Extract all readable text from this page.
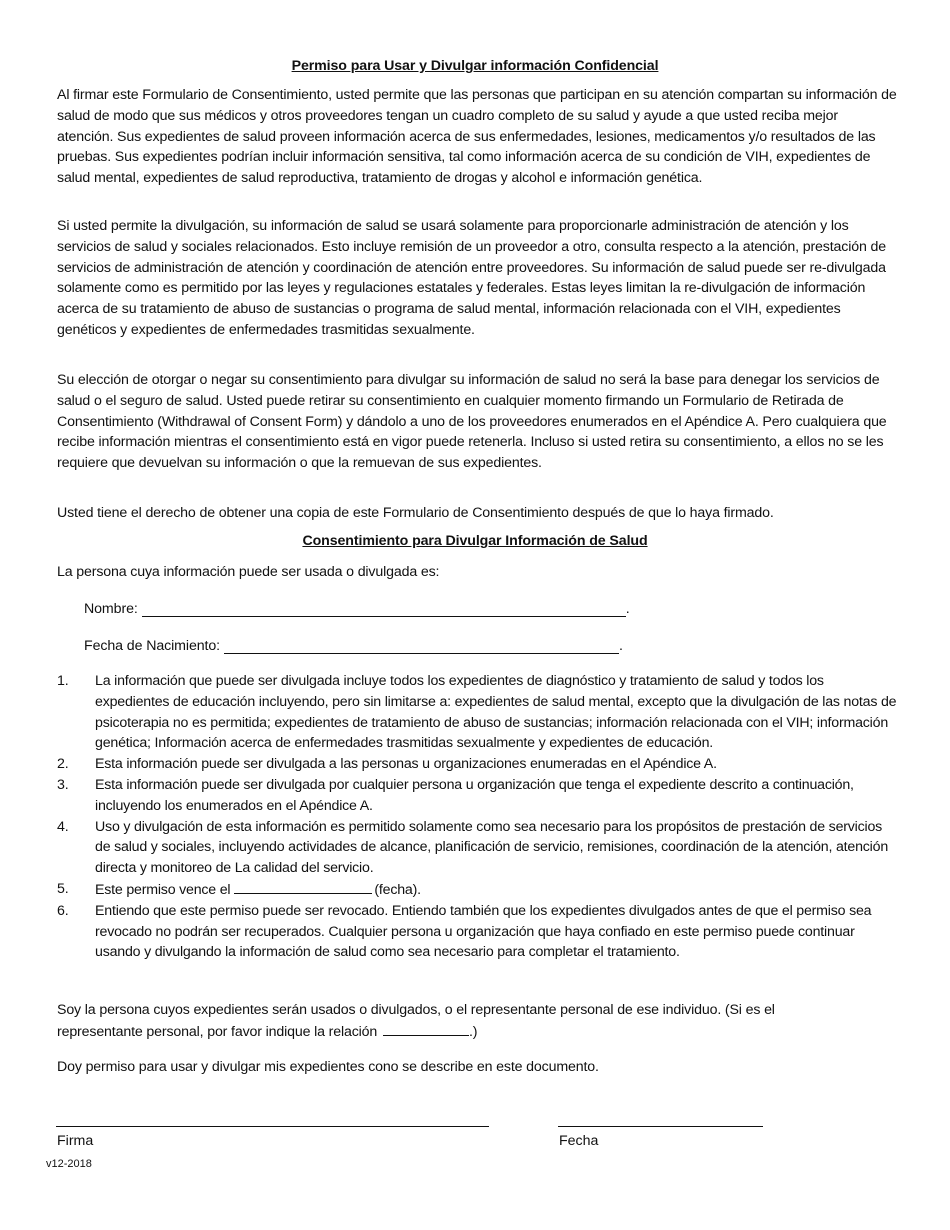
Permiso para Usar y Divulgar información Confidencial

Al firmar este Formulario de Consentimiento, usted permite que las personas que participan en su atención compartan su información de salud de modo que sus médicos y otros proveedores tengan un cuadro completo de su salud y ayude a que usted reciba mejor atención. Sus expedientes de salud proveen información acerca de sus enfermedades, lesiones, medicamentos y/o resultados de las pruebas. Sus expedientes podrían incluir información sensitiva, tal como información acerca de su condición de VIH, expedientes de salud mental, expedientes de salud reproductiva, tratamiento de drogas y alcohol e información genética.

Si usted permite la divulgación, su información de salud se usará solamente para proporcionarle administración de atención y los servicios de salud y sociales relacionados. Esto incluye remisión de un proveedor a otro, consulta respecto a la atención, prestación de servicios de administración de atención y coordinación de atención entre proveedores. Su información de salud puede ser re-divulgada solamente como es permitido por las leyes y regulaciones estatales y federales. Estas leyes limitan la re-divulgación de información acerca de su tratamiento de abuso de sustancias o programa de salud mental, información relacionada con el VIH, expedientes genéticos y expedientes de enfermedades trasmitidas sexualmente.

Su elección de otorgar o negar su consentimiento para divulgar su información de salud no será la base para denegar los servicios de salud o el seguro de salud. Usted puede retirar su consentimiento en cualquier momento firmando un Formulario de Retirada de Consentimiento (Withdrawal of Consent Form) y dándolo a uno de los proveedores enumerados en el Apéndice A. Pero cualquiera que recibe información mientras el consentimiento está en vigor puede retenerla. Incluso si usted retira su consentimiento, a ellos no se les requiere que devuelvan su información o que la remuevan de sus expedientes.

Usted tiene el derecho de obtener una copia de este Formulario de Consentimiento después de que lo haya firmado.

Consentimiento para Divulgar Información de Salud

La persona cuya información puede ser usada o divulgada es:

Nombre:	.
Fecha de Nacimiento:	.
1.	La información que puede ser divulgada incluye todos los expedientes de diagnóstico y tratamiento de salud y todos los expedientes de educación incluyendo, pero sin limitarse a: expedientes de salud mental, excepto que la divulgación de las notas de psicoterapia no es permitida; expedientes de tratamiento de abuso de sustancias; información relacionada con el VIH; información genética; Información acerca de enfermedades trasmitidas sexualmente y expedientes de educación.
2.	Esta información puede ser divulgada a las personas u organizaciones enumeradas en el Apéndice A.
3.	Esta información puede ser divulgada por cualquier persona u organización que tenga el expediente descrito a continuación, incluyendo los enumerados en el Apéndice A.
4.	Uso y divulgación de esta información es permitido solamente como sea necesario para los propósitos de prestación de servicios de salud y sociales, incluyendo actividades de alcance, planificación de servicio, remisiones, coordinación de la atención, atención directa y monitoreo de La calidad del servicio.
5.	Este permiso vence el	(fecha).
6.	Entiendo que este permiso puede ser revocado. Entiendo también que los expedientes divulgados antes de que el permiso sea revocado no podrán ser recuperados. Cualquier persona u organización que haya confiado en este permiso puede continuar usando y divulgando la información de salud como sea necesario para completar el tratamiento.

Soy la persona cuyos expedientes serán usados o divulgados, o el representante personal de ese individuo. (Si es el representante personal, por favor indique la relación	.)

Doy permiso para usar y divulgar mis expedientes cono se describe en este documento.

Firma	Fecha
v12-2018
